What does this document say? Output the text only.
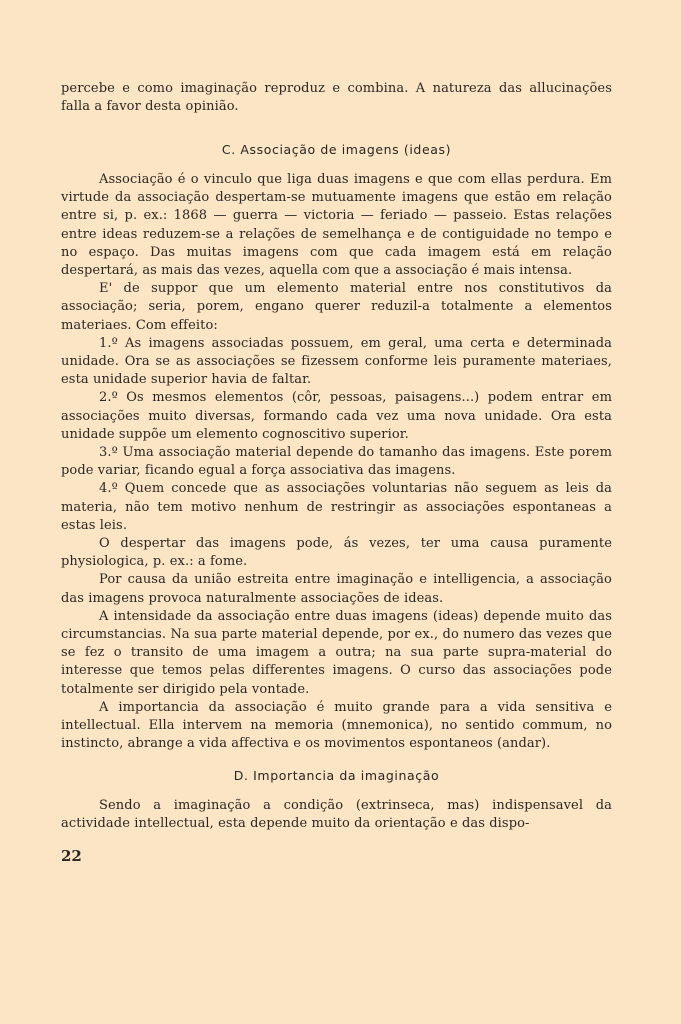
percebe e como imaginação reproduz e combina. A natureza das allucinações falla a favor desta opinião.

C. Associação de imagens (ideas)

Associação é o vinculo que liga duas imagens e que com ellas perdura. Em virtude da associação despertam-se mutuamente imagens que estão em relação entre si, p. ex.: 1868 — guerra — victoria — feriado — passeio. Estas relações entre ideas reduzem-se a relações de semelhança e de contiguidade no tempo e no espaço. Das muitas imagens com que cada imagem está em relação despertará, as mais das vezes, aquella com que a associação é mais intensa.

E' de suppor que um elemento material entre nos constitutivos da associação; seria, porem, engano querer reduzil-a totalmente a elementos materiaes. Com effeito:

1.º As imagens associadas possuem, em geral, uma certa e determinada unidade. Ora se as associações se fizessem conforme leis puramente materiaes, esta unidade superior havia de faltar.

2.º Os mesmos elementos (côr, pessoas, paisagens...) podem entrar em associações muito diversas, formando cada vez uma nova unidade. Ora esta unidade suppõe um elemento cognoscitivo superior.

3.º Uma associação material depende do tamanho das imagens. Este porem pode variar, ficando egual a força associativa das imagens.

4.º Quem concede que as associações voluntarias não seguem as leis da materia, não tem motivo nenhum de restringir as associações espontaneas a estas leis.

O despertar das imagens pode, ás vezes, ter uma causa puramente physiologica, p. ex.: a fome.

Por causa da união estreita entre imaginação e intelligencia, a associação das imagens provoca naturalmente associações de ideas.

A intensidade da associação entre duas imagens (ideas) depende muito das circumstancias. Na sua parte material depende, por ex., do numero das vezes que se fez o transito de uma imagem a outra; na sua parte supra-material do interesse que temos pelas differentes imagens. O curso das associações pode totalmente ser dirigido pela vontade.

A importancia da associação é muito grande para a vida sensitiva e intellectual. Ella intervem na memoria (mnemonica), no sentido commum, no instincto, abrange a vida affectiva e os movimentos espontaneos (andar).

D. Importancia da imaginação

Sendo a imaginação a condição (extrinseca, mas) indispensavel da actividade intellectual, esta depende muito da orientação e das dispo-

22
